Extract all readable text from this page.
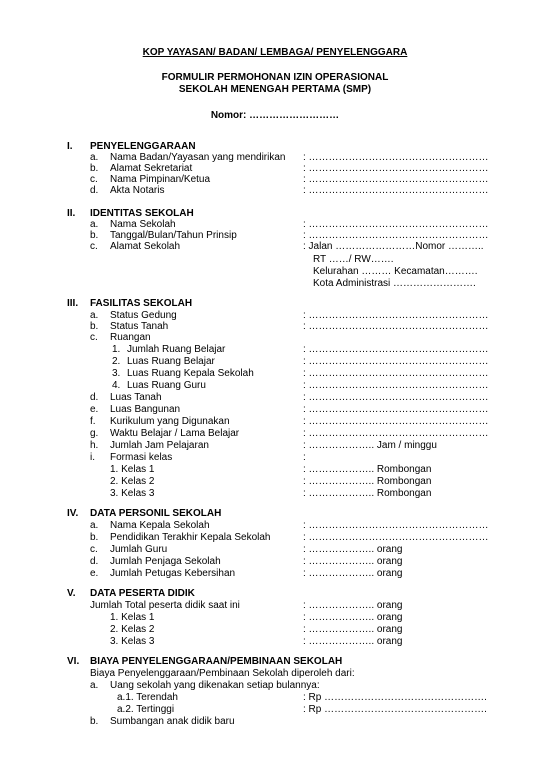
KOP YAYASAN/ BADAN/ LEMBAGA/ PENYELENGGARA
FORMULIR PERMOHONAN IZIN OPERASIONAL
SEKOLAH MENENGAH PERTAMA (SMP)
Nomor: ………………………
I. PENYELENGGARAAN
a. Nama Badan/Yayasan yang mendirikan : ………………………………………………
b. Alamat Sekretariat	: ………………………………………………
c. Nama Pimpinan/Ketua	: ………………………………………………
d. Akta Notaris	: ………………………………………………
II. IDENTITAS SEKOLAH
a. Nama Sekolah	: ………………………………………………
b. Tanggal/Bulan/Tahun Prinsip	: ………………………………………………
c. Alamat Sekolah	: Jalan ……………………Nomor ………..
RT ……/ RW…….
Kelurahan ……… Kecamatan……….
Kota Administrasi …………………….
III. FASILITAS SEKOLAH
a. Status Gedung	: ………………………………………………
b. Status Tanah	: ………………………………………………
c. Ruangan
1. Jumlah Ruang Belajar	: ………………………………………………
2. Luas Ruang Belajar	: ………………………………………………
3. Luas Ruang Kepala Sekolah	: ………………………………………………
4. Luas Ruang Guru	: ………………………………………………
d. Luas Tanah	: ………………………………………………
e. Luas Bangunan	: ………………………………………………
f. Kurikulum yang Digunakan	: ………………………………………………
g. Waktu Belajar / Lama Belajar	: ………………………………………………
h. Jumlah Jam Pelajaran	: ……………….. Jam / minggu
i. Formasi kelas	:
1. Kelas 1	: ……………….. Rombongan
2. Kelas 2	: ……………….. Rombongan
3. Kelas 3	: ……………….. Rombongan
IV. DATA PERSONIL SEKOLAH
a. Nama Kepala Sekolah	: ………………………………………………
b. Pendidikan Terakhir Kepala Sekolah	: ………………………………………………
c. Jumlah Guru	: ……………….. orang
d. Jumlah Penjaga Sekolah	: ……………….. orang
e. Jumlah Petugas Kebersihan	: ……………….. orang
V. DATA PESERTA DIDIK
Jumlah Total peserta didik saat ini	: ……………….. orang
1. Kelas 1	: ……………….. orang
2. Kelas 2	: ……………….. orang
3. Kelas 3	: ……………….. orang
VI. BIAYA PENYELENGGARAAN/PEMBINAAN SEKOLAH
Biaya Penyelenggaraan/Pembinaan Sekolah diperoleh dari:
a. Uang sekolah yang dikenakan setiap bulannya:
a.1. Terendah	: Rp ………………………………………….
a.2. Tertinggi	: Rp ………………………………………….
b. Sumbangan anak didik baru
